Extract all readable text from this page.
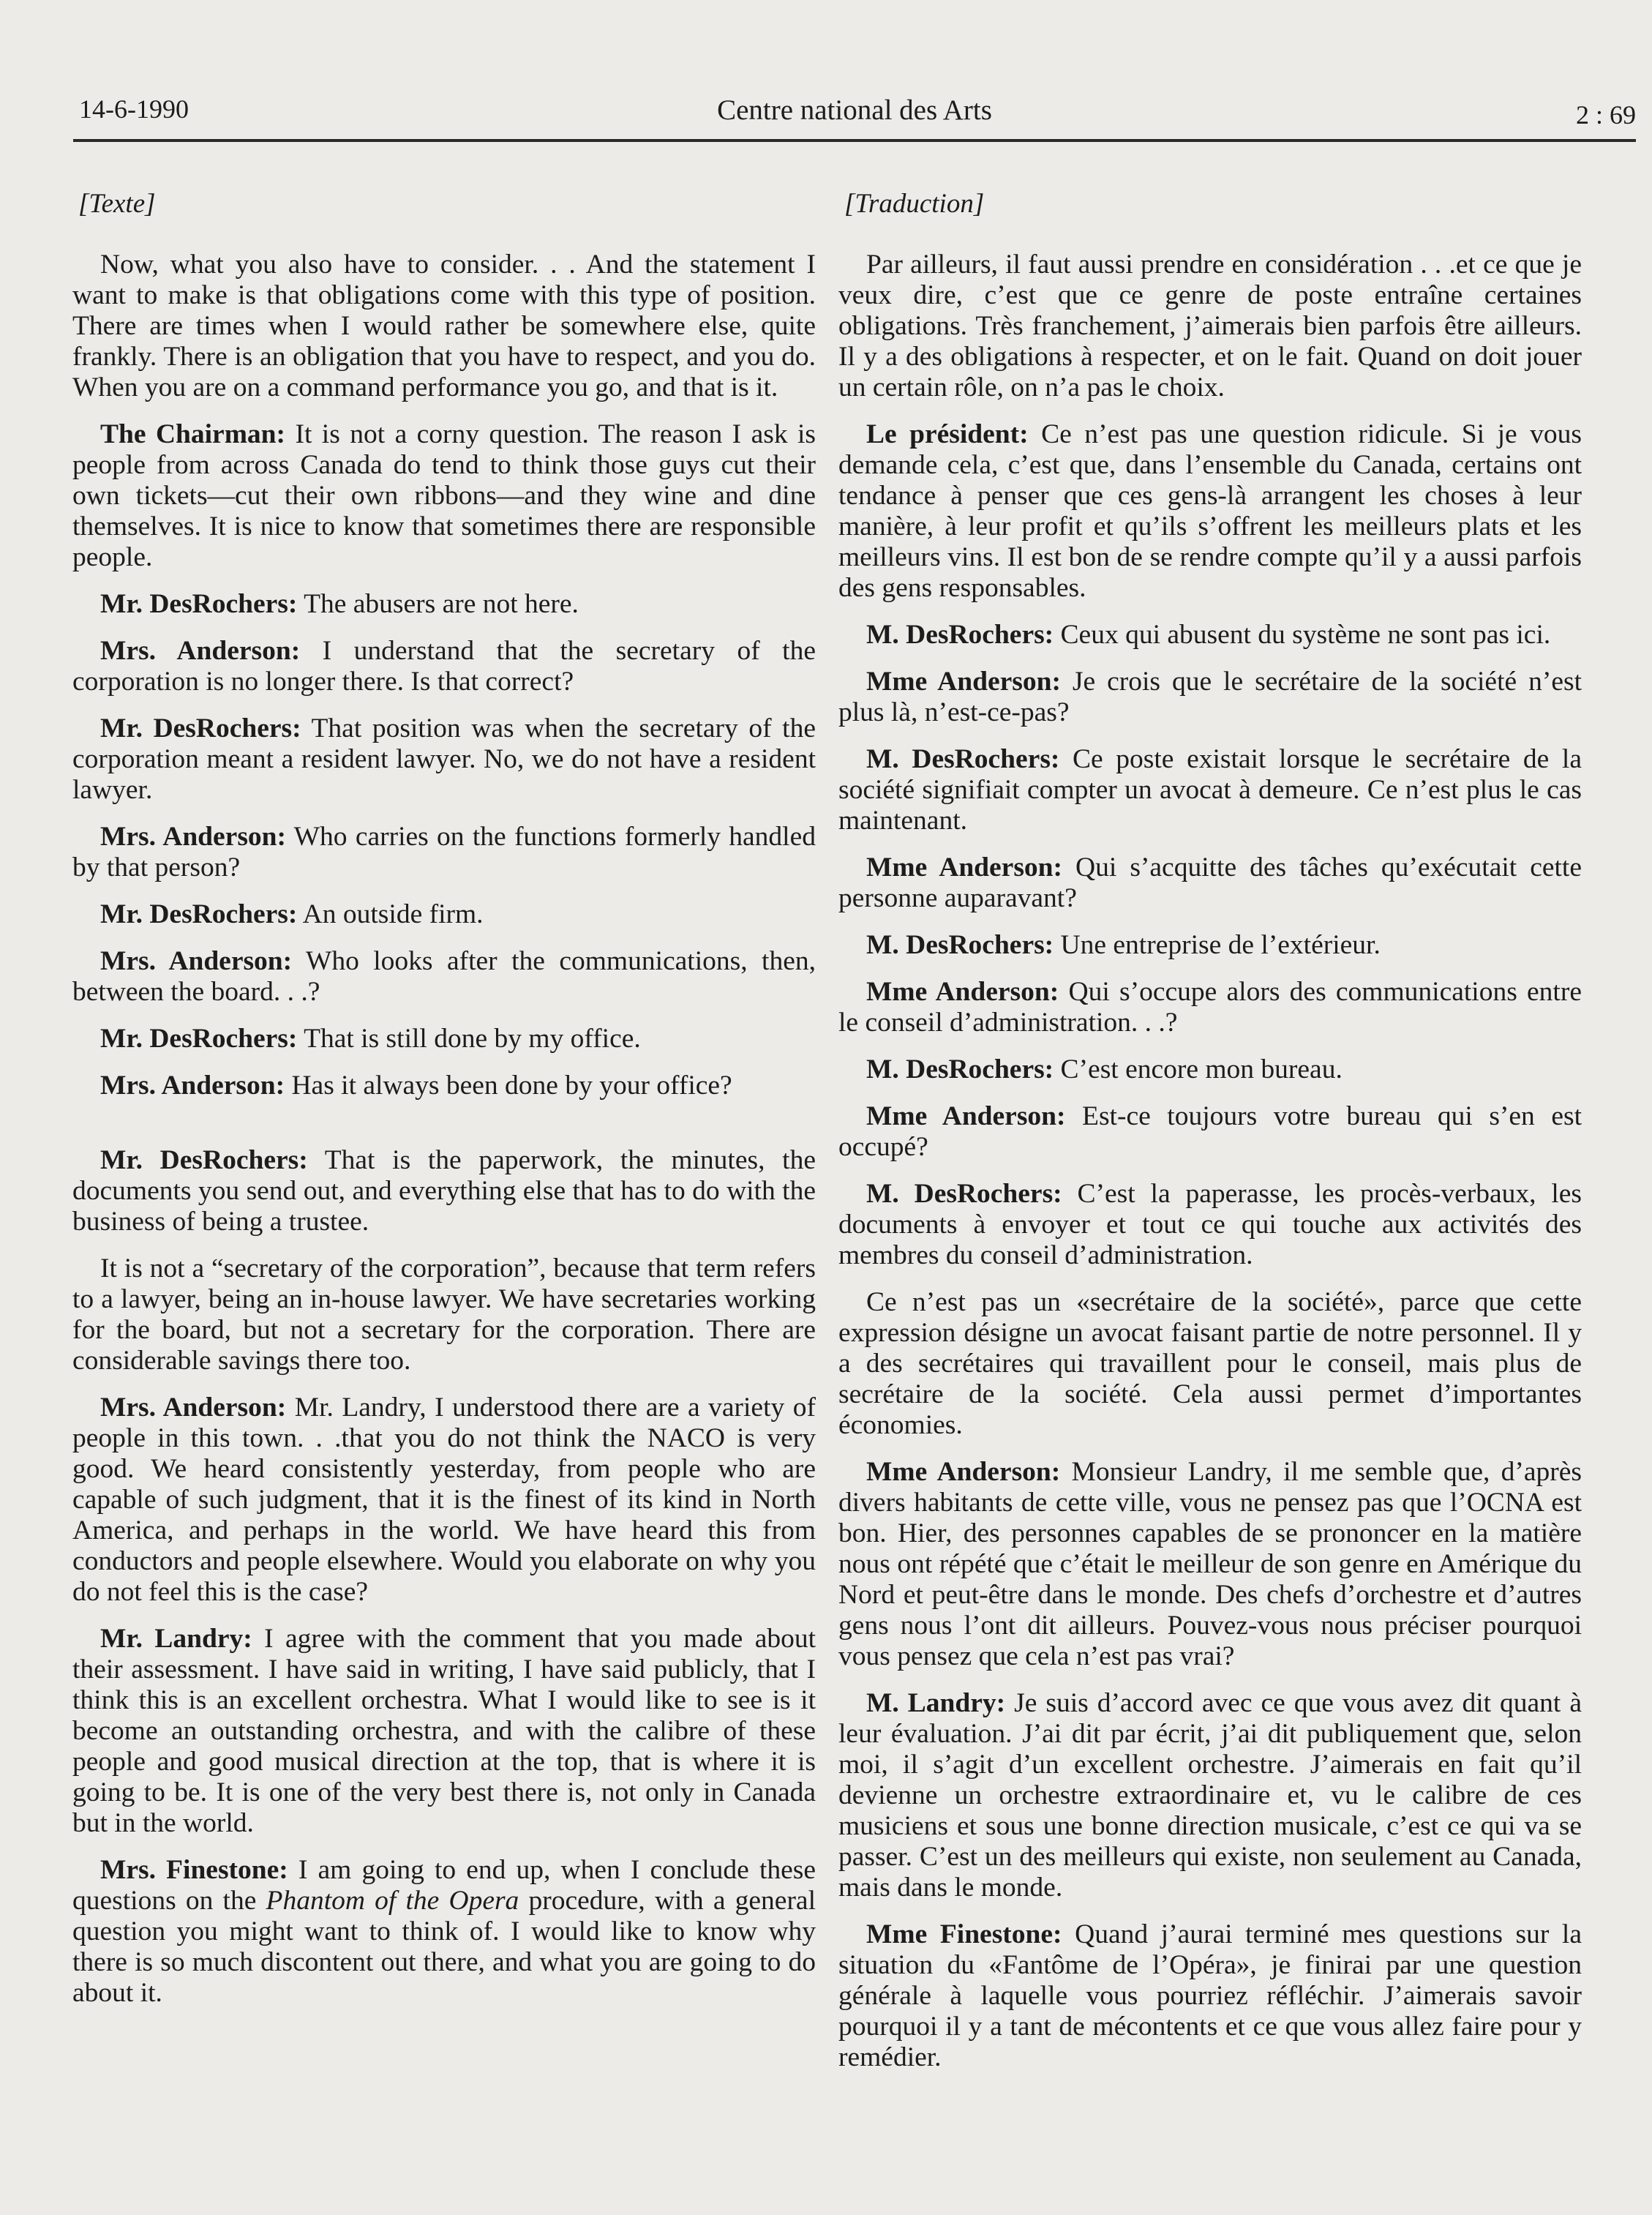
14-6-1990	Centre national des Arts	2 : 69
[Texte]

Now, what you also have to consider. . . And the statement I want to make is that obligations come with this type of position. There are times when I would rather be somewhere else, quite frankly. There is an obligation that you have to respect, and you do. When you are on a command performance you go, and that is it.

The Chairman: It is not a corny question. The reason I ask is people from across Canada do tend to think those guys cut their own tickets—cut their own ribbons—and they wine and dine themselves. It is nice to know that sometimes there are responsible people.

Mr. DesRochers: The abusers are not here.

Mrs. Anderson: I understand that the secretary of the corporation is no longer there. Is that correct?

Mr. DesRochers: That position was when the secretary of the corporation meant a resident lawyer. No, we do not have a resident lawyer.

Mrs. Anderson: Who carries on the functions formerly handled by that person?

Mr. DesRochers: An outside firm.

Mrs. Anderson: Who looks after the communications, then, between the board. . .?

Mr. DesRochers: That is still done by my office.

Mrs. Anderson: Has it always been done by your office?

Mr. DesRochers: That is the paperwork, the minutes, the documents you send out, and everything else that has to do with the business of being a trustee.

It is not a “secretary of the corporation”, because that term refers to a lawyer, being an in-house lawyer. We have secretaries working for the board, but not a secretary for the corporation. There are considerable savings there too.

Mrs. Anderson: Mr. Landry, I understood there are a variety of people in this town. . .that you do not think the NACO is very good. We heard consistently yesterday, from people who are capable of such judgment, that it is the finest of its kind in North America, and perhaps in the world. We have heard this from conductors and people elsewhere. Would you elaborate on why you do not feel this is the case?

Mr. Landry: I agree with the comment that you made about their assessment. I have said in writing, I have said publicly, that I think this is an excellent orchestra. What I would like to see is it become an outstanding orchestra, and with the calibre of these people and good musical direction at the top, that is where it is going to be. It is one of the very best there is, not only in Canada but in the world.

Mrs. Finestone: I am going to end up, when I conclude these questions on the Phantom of the Opera procedure, with a general question you might want to think of. I would like to know why there is so much discontent out there, and what you are going to do about it.

[Traduction]

Par ailleurs, il faut aussi prendre en considération . . .et ce que je veux dire, c’est que ce genre de poste entraîne certaines obligations. Très franchement, j’aimerais bien parfois être ailleurs. Il y a des obligations à respecter, et on le fait. Quand on doit jouer un certain rôle, on n’a pas le choix.

Le président: Ce n’est pas une question ridicule. Si je vous demande cela, c’est que, dans l’ensemble du Canada, certains ont tendance à penser que ces gens-là arrangent les choses à leur manière, à leur profit et qu’ils s’offrent les meilleurs plats et les meilleurs vins. Il est bon de se rendre compte qu’il y a aussi parfois des gens responsables.

M. DesRochers: Ceux qui abusent du système ne sont pas ici.

Mme Anderson: Je crois que le secrétaire de la société n’est plus là, n’est-ce-pas?

M. DesRochers: Ce poste existait lorsque le secrétaire de la société signifiait compter un avocat à demeure. Ce n’est plus le cas maintenant.

Mme Anderson: Qui s’acquitte des tâches qu’exécutait cette personne auparavant?

M. DesRochers: Une entreprise de l’extérieur.

Mme Anderson: Qui s’occupe alors des communications entre le conseil d’administration. . .?

M. DesRochers: C’est encore mon bureau.

Mme Anderson: Est-ce toujours votre bureau qui s’en est occupé?

M. DesRochers: C’est la paperasse, les procès-verbaux, les documents à envoyer et tout ce qui touche aux activités des membres du conseil d’administration.

Ce n’est pas un «secrétaire de la société», parce que cette expression désigne un avocat faisant partie de notre personnel. Il y a des secrétaires qui travaillent pour le conseil, mais plus de secrétaire de la société. Cela aussi permet d’importantes économies.

Mme Anderson: Monsieur Landry, il me semble que, d’après divers habitants de cette ville, vous ne pensez pas que l’OCNA est bon. Hier, des personnes capables de se prononcer en la matière nous ont répété que c’était le meilleur de son genre en Amérique du Nord et peut-être dans le monde. Des chefs d’orchestre et d’autres gens nous l’ont dit ailleurs. Pouvez-vous nous préciser pourquoi vous pensez que cela n’est pas vrai?

M. Landry: Je suis d’accord avec ce que vous avez dit quant à leur évaluation. J’ai dit par écrit, j’ai dit publiquement que, selon moi, il s’agit d’un excellent orchestre. J’aimerais en fait qu’il devienne un orchestre extraordinaire et, vu le calibre de ces musiciens et sous une bonne direction musicale, c’est ce qui va se passer. C’est un des meilleurs qui existe, non seulement au Canada, mais dans le monde.

Mme Finestone: Quand j’aurai terminé mes questions sur la situation du «Fantôme de l’Opéra», je finirai par une question générale à laquelle vous pourriez réfléchir. J’aimerais savoir pourquoi il y a tant de mécontents et ce que vous allez faire pour y remédier.
